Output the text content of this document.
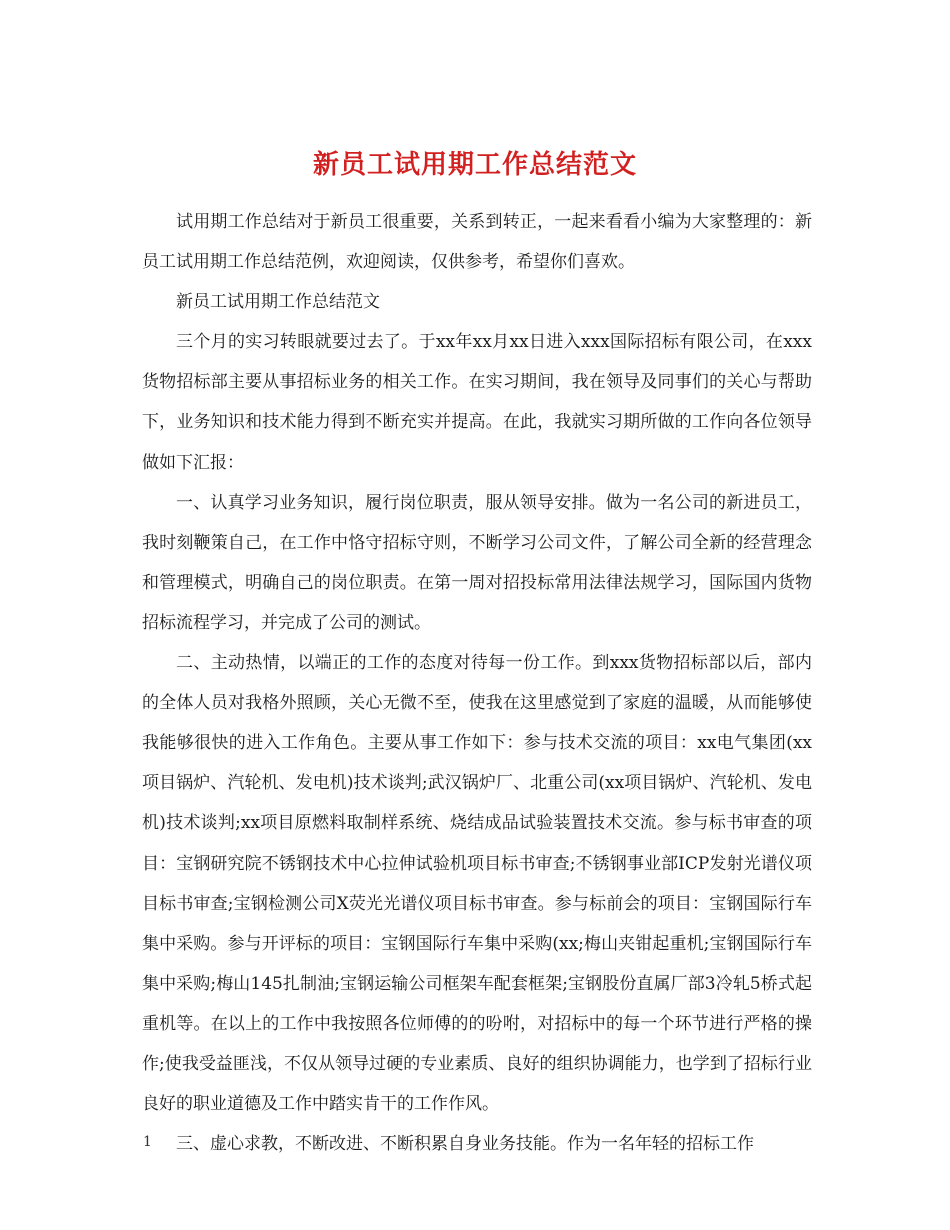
新员工试用期工作总结范文

试用期工作总结对于新员工很重要，关系到转正，一起来看看小编为大家整理的：新员工试用期工作总结范例，欢迎阅读，仅供参考，希望你们喜欢。

新员工试用期工作总结范文

三个月的实习转眼就要过去了。于xx年xx月xx日进入xxx国际招标有限公司，在xxx货物招标部主要从事招标业务的相关工作。在实习期间，我在领导及同事们的关心与帮助下，业务知识和技术能力得到不断充实并提高。在此，我就实习期所做的工作向各位领导做如下汇报：

一、认真学习业务知识，履行岗位职责，服从领导安排。做为一名公司的新进员工，我时刻鞭策自己，在工作中恪守招标守则，不断学习公司文件，了解公司全新的经营理念和管理模式，明确自己的岗位职责。在第一周对招投标常用法律法规学习，国际国内货物招标流程学习，并完成了公司的测试。

二、主动热情，以端正的工作的态度对待每一份工作。到xxx货物招标部以后，部内的全体人员对我格外照顾，关心无微不至，使我在这里感觉到了家庭的温暖，从而能够使我能够很快的进入工作角色。主要从事工作如下：参与技术交流的项目：xx电气集团(xx项目锅炉、汽轮机、发电机)技术谈判;武汉锅炉厂、北重公司(xx项目锅炉、汽轮机、发电机)技术谈判;xx项目原燃料取制样系统、烧结成品试验装置技术交流。参与标书审查的项目：宝钢研究院不锈钢技术中心拉伸试验机项目标书审查;不锈钢事业部ICP发射光谱仪项目标书审查;宝钢检测公司X荧光光谱仪项目标书审查。参与标前会的项目：宝钢国际行车集中采购。参与开评标的项目：宝钢国际行车集中采购(xx;梅山夹钳起重机;宝钢国际行车集中采购;梅山145扎制油;宝钢运输公司框架车配套框架;宝钢股份直属厂部3冷轧5桥式起重机等。在以上的工作中我按照各位师傅的的吩咐，对招标中的每一个环节进行严格的操作;使我受益匪浅，不仅从领导过硬的专业素质、良好的组织协调能力，也学到了招标行业良好的职业道德及工作中踏实肯干的工作作风。

三、虚心求教，不断改进、不断积累自身业务技能。作为一名年轻的招标工作

1
